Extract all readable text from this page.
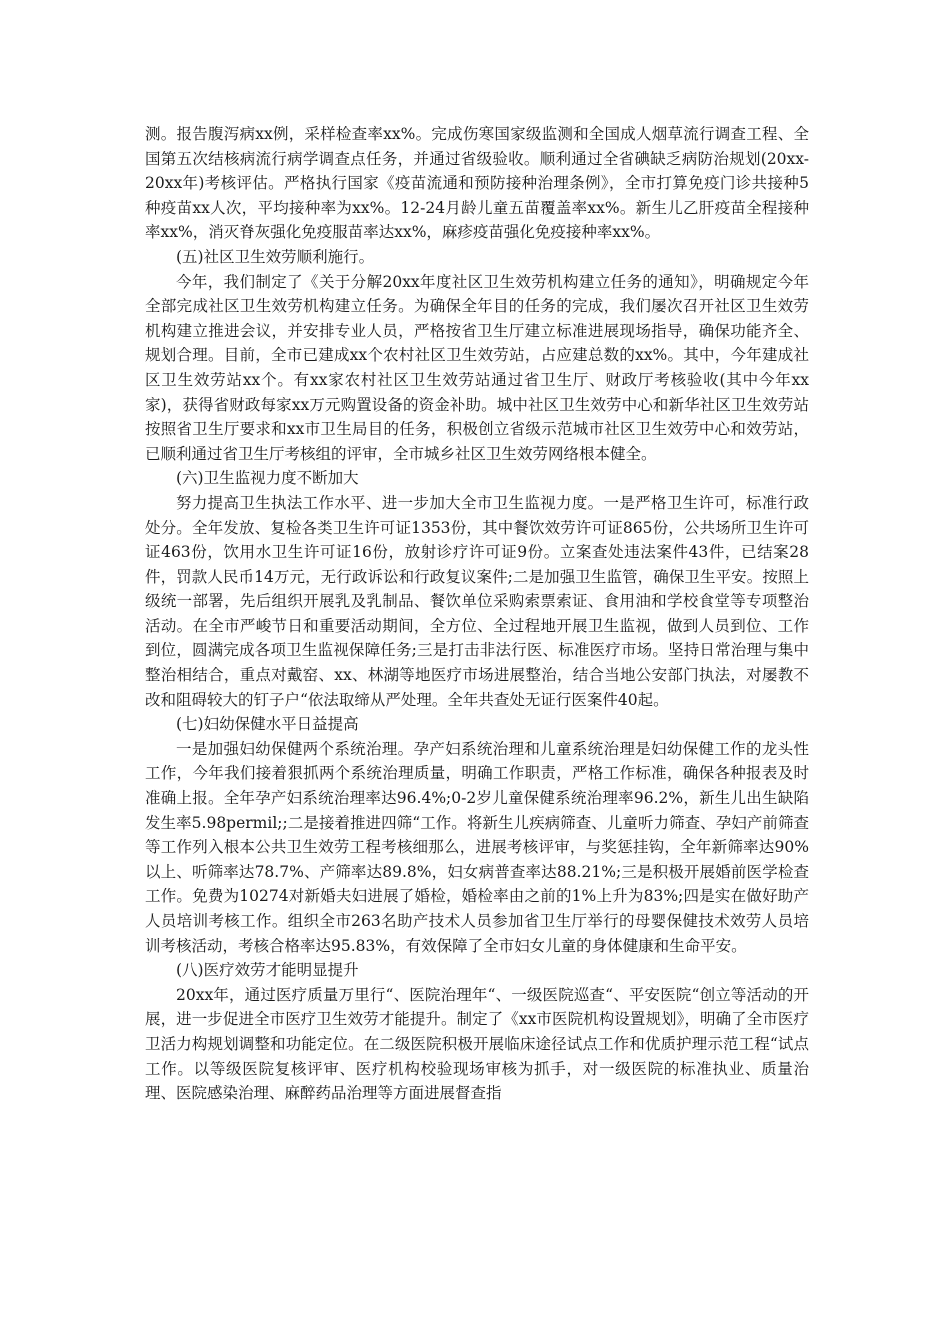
测。报告腹泻病xx例，采样检查率xx%。完成伤寒国家级监测和全国成人烟草流行调查工程、全国第五次结核病流行病学调查点任务，并通过省级验收。顺利通过全省碘缺乏病防治规划(20xx-20xx年)考核评估。严格执行国家《疫苗流通和预防接种治理条例》，全市打算免疫门诊共接种5种疫苗xx人次，平均接种率为xx%。12-24月龄儿童五苗覆盖率xx%。新生儿乙肝疫苗全程接种率xx%，消灭脊灰强化免疫服苗率达xx%，麻疹疫苗强化免疫接种率xx%。

(五)社区卫生效劳顺利施行。

今年，我们制定了《关于分解20xx年度社区卫生效劳机构建立任务的通知》，明确规定今年全部完成社区卫生效劳机构建立任务。为确保全年目的任务的完成，我们屡次召开社区卫生效劳机构建立推进会议，并安排专业人员，严格按省卫生厅建立标准进展现场指导，确保功能齐全、规划合理。目前，全市已建成xx个农村社区卫生效劳站，占应建总数的xx%。其中，今年建成社区卫生效劳站xx个。有xx家农村社区卫生效劳站通过省卫生厅、财政厅考核验收(其中今年xx家)，获得省财政每家xx万元购置设备的资金补助。城中社区卫生效劳中心和新华社区卫生效劳站按照省卫生厅要求和xx市卫生局目的任务，积极创立省级示范城市社区卫生效劳中心和效劳站，已顺利通过省卫生厅考核组的评审，全市城乡社区卫生效劳网络根本健全。

(六)卫生监视力度不断加大

努力提高卫生执法工作水平、进一步加大全市卫生监视力度。一是严格卫生许可，标准行政处分。全年发放、复检各类卫生许可证1353份，其中餐饮效劳许可证865份，公共场所卫生许可证463份，饮用水卫生许可证16份，放射诊疗许可证9份。立案查处违法案件43件，已结案28件，罚款人民币14万元，无行政诉讼和行政复议案件;二是加强卫生监管，确保卫生平安。按照上级统一部署，先后组织开展乳及乳制品、餐饮单位采购索票索证、食用油和学校食堂等专项整治活动。在全市严峻节日和重要活动期间，全方位、全过程地开展卫生监视，做到人员到位、工作到位，圆满完成各项卫生监视保障任务;三是打击非法行医、标准医疗市场。坚持日常治理与集中整治相结合，重点对戴窑、xx、林湖等地医疗市场进展整治，结合当地公安部门执法，对屡教不改和阻碍较大的钉子户“依法取缔从严处理。全年共查处无证行医案件40起。

(七)妇幼保健水平日益提高

一是加强妇幼保健两个系统治理。孕产妇系统治理和儿童系统治理是妇幼保健工作的龙头性工作，今年我们接着狠抓两个系统治理质量，明确工作职责，严格工作标准，确保各种报表及时准确上报。全年孕产妇系统治理率达96.4%;0-2岁儿童保健系统治理率96.2%，新生儿出生缺陷发生率5.98permil;;二是接着推进四筛“工作。将新生儿疾病筛查、儿童听力筛查、孕妇产前筛查等工作列入根本公共卫生效劳工程考核细那么，进展考核评审，与奖惩挂钩，全年新筛率达90%以上、听筛率达78.7%、产筛率达89.8%，妇女病普查率达88.21%;三是积极开展婚前医学检查工作。免费为10274对新婚夫妇进展了婚检，婚检率由之前的1%上升为83%;四是实在做好助产人员培训考核工作。组织全市263名助产技术人员参加省卫生厅举行的母婴保健技术效劳人员培训考核活动，考核合格率达95.83%，有效保障了全市妇女儿童的身体健康和生命平安。

(八)医疗效劳才能明显提升

20xx年，通过医疗质量万里行“、医院治理年“、一级医院巡查“、平安医院“创立等活动的开展，进一步促进全市医疗卫生效劳才能提升。制定了《xx市医院机构设置规划》，明确了全市医疗卫活力构规划调整和功能定位。在二级医院积极开展临床途径试点工作和优质护理示范工程“试点工作。以等级医院复核评审、医疗机构校验现场审核为抓手，对一级医院的标准执业、质量治理、医院感染治理、麻醉药品治理等方面进展督查指
